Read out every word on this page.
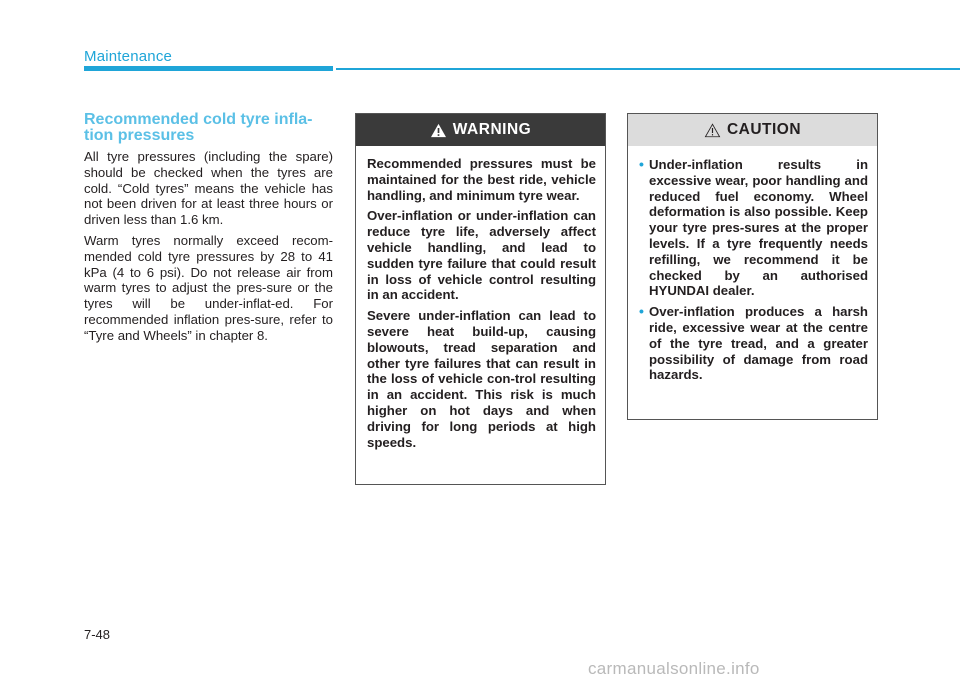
Maintenance
Recommended cold tyre infla-
tion pressures

All tyre pressures (including the spare) should be checked when the tyres are cold. “Cold tyres” means the vehicle has not been driven for at least three hours or driven less than 1.6 km.

Warm tyres normally exceed recom-mended cold tyre pressures by 28 to 41 kPa (4 to 6 psi). Do not release air from warm tyres to adjust the pres-sure or the tyres will be under-inflat-ed. For recommended inflation pres-sure, refer to “Tyre and Wheels” in chapter 8.

WARNING

Recommended pressures must be maintained for the best ride, vehicle handling, and minimum tyre wear.

Over-inflation or under-inflation can reduce tyre life, adversely affect vehicle handling, and lead to sudden tyre failure that could result in loss of vehicle control resulting in an accident.

Severe under-inflation can lead to severe heat build-up, causing blowouts, tread separation and other tyre failures that can result in the loss of vehicle con-trol resulting in an accident. This risk is much higher on hot days and when driving for long periods at high speeds.

CAUTION
• Under-inflation results in excessive wear, poor handling and reduced fuel economy. Wheel deformation is also possible. Keep your tyre pres-sures at the proper levels. If a tyre frequently needs refilling, we recommend it be checked by an authorised HYUNDAI dealer.
• Over-inflation produces a harsh ride, excessive wear at the centre of the tyre tread, and a greater possibility of damage from road hazards.
7-48
carmanualsonline.info
